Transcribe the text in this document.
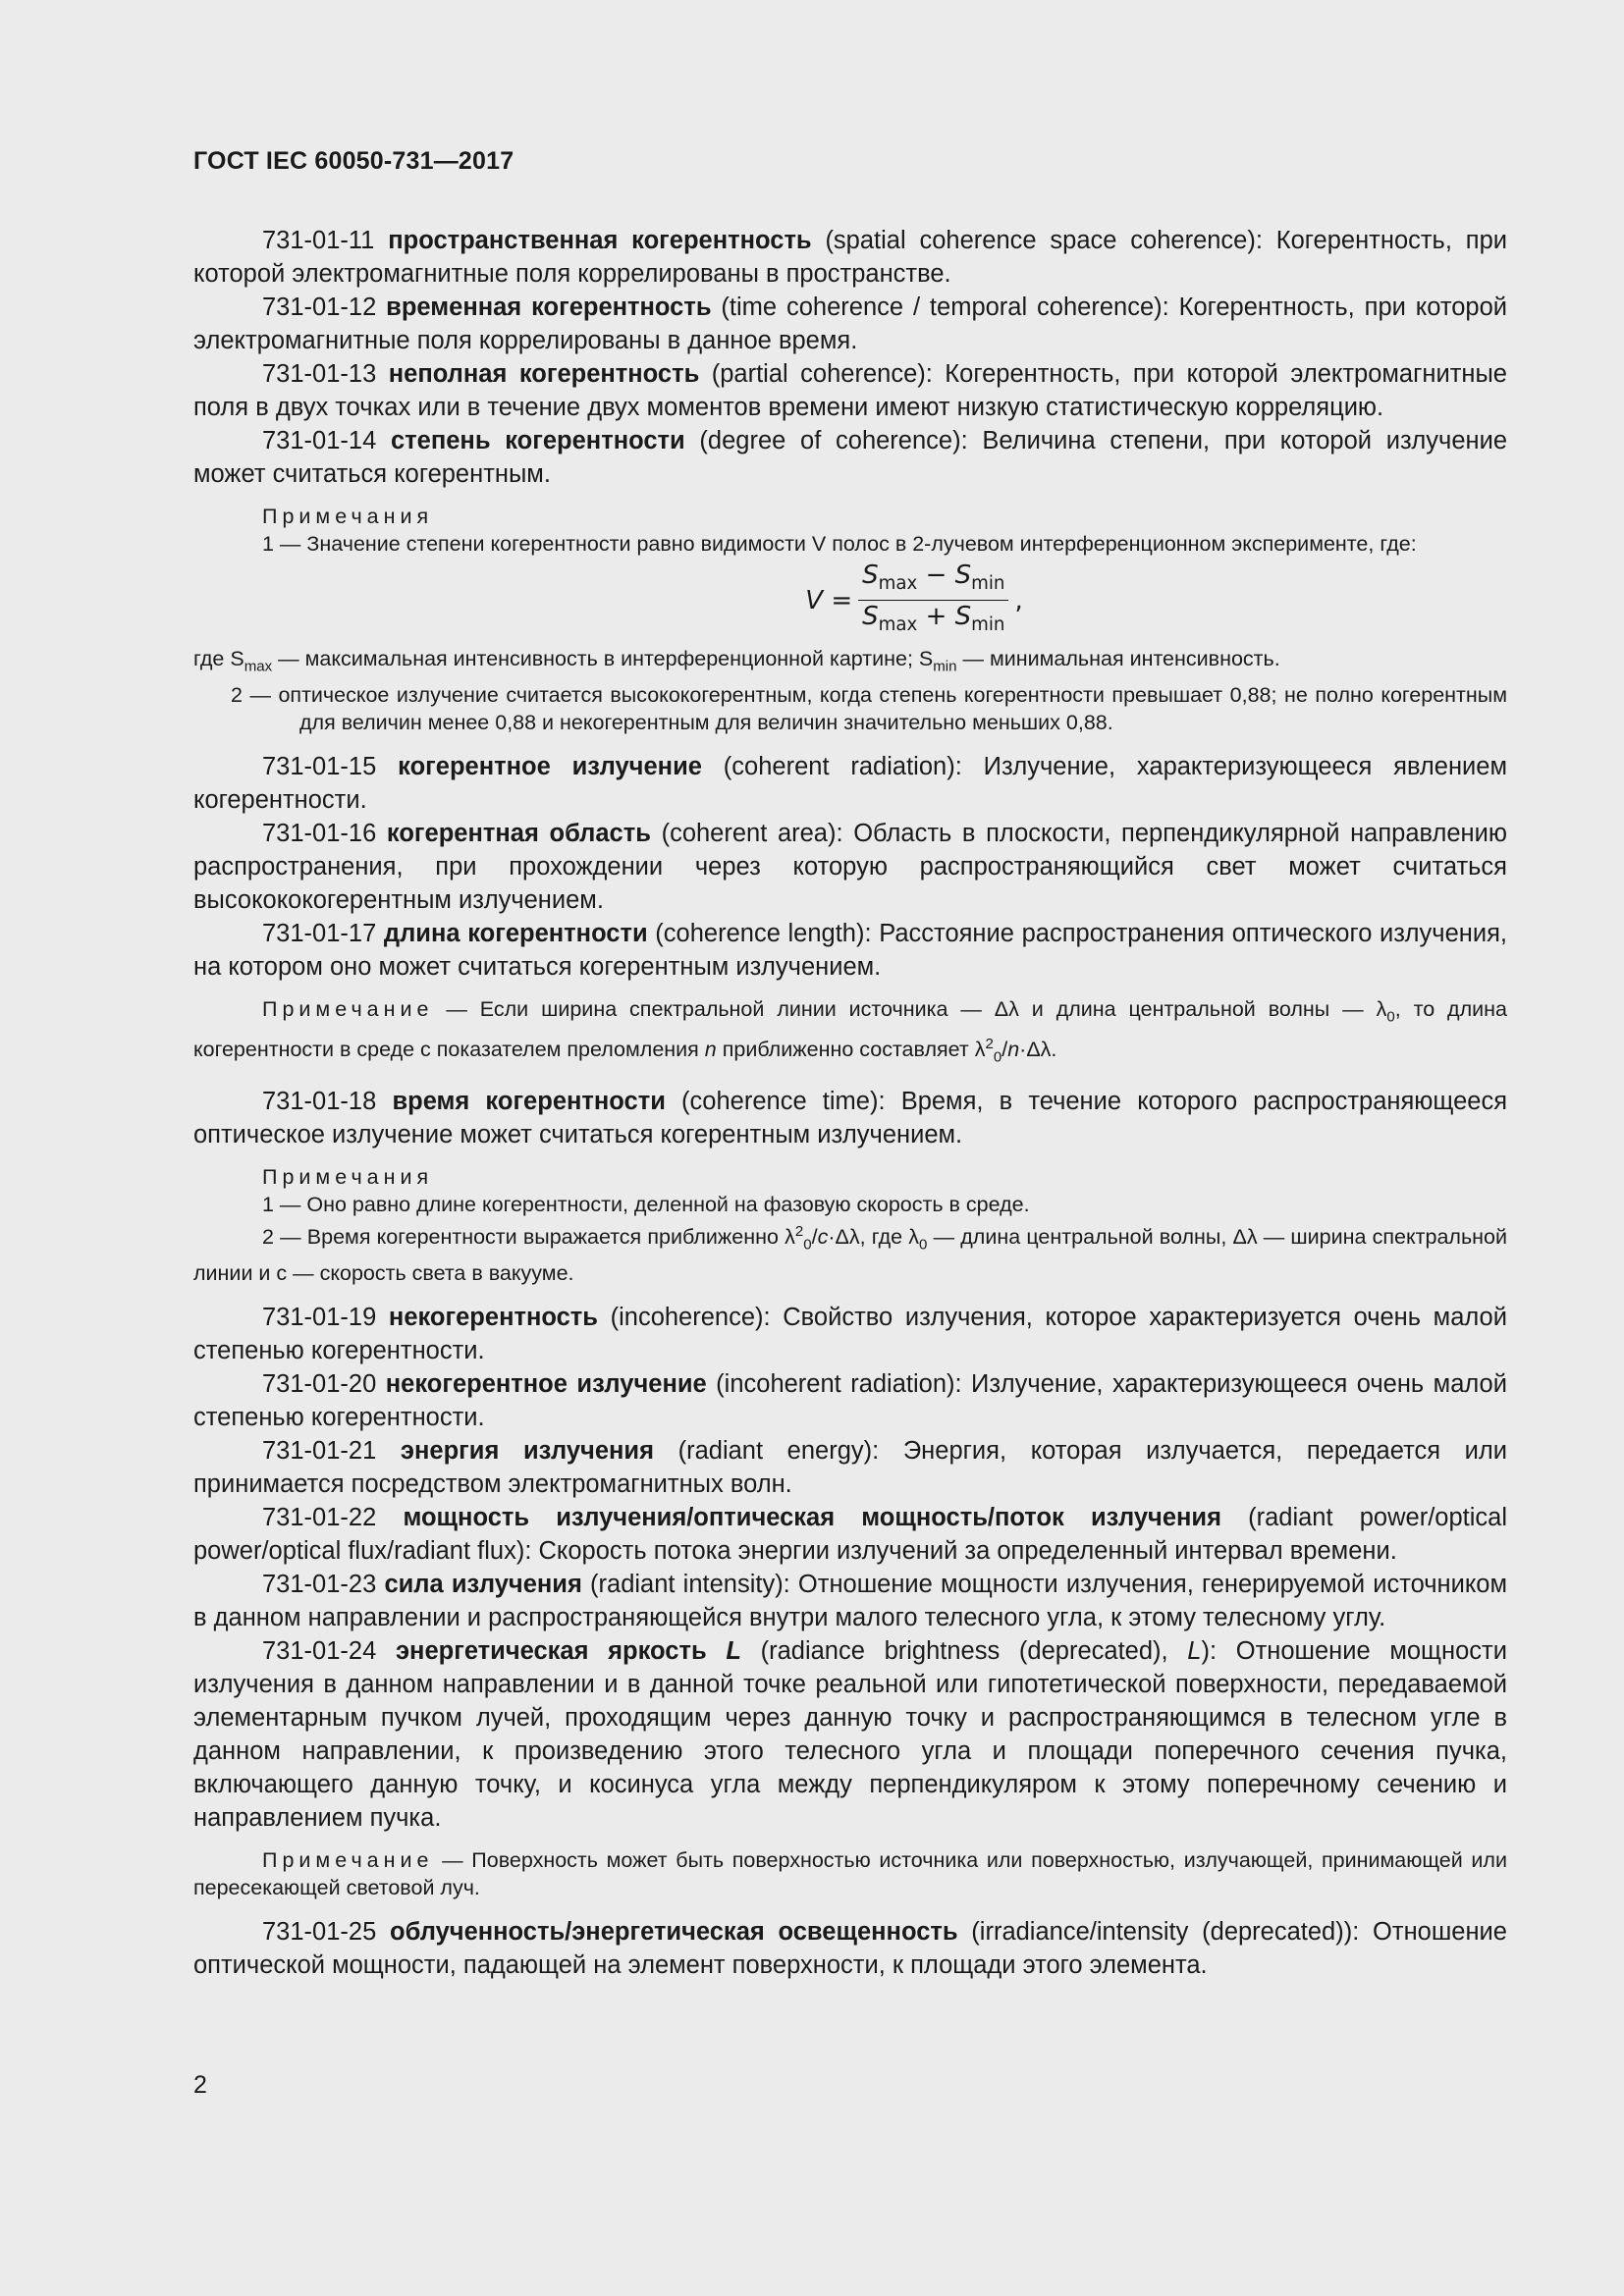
ГОСТ IEC 60050-731—2017

731-01-11 пространственная когерентность (spatial coherence space coherence): Когерентность, при которой электромагнитные поля коррелированы в пространстве.

731-01-12 временная когерентность (time coherence / temporal coherence): Когерентность, при которой электромагнитные поля коррелированы в данное время.

731-01-13 неполная когерентность (partial coherence): Когерентность, при которой электромагнитные поля в двух точках или в течение двух моментов времени имеют низкую статистическую корреляцию.

731-01-14 степень когерентности (degree of coherence): Величина степени, при которой излучение может считаться когерентным.

Примечания

1 — Значение степени когерентности равно видимости V полос в 2-лучевом интерференционном эксперименте, где:

V
= $\frac{S_{max} - S_{min}}{S_{max} + S_{min}}$ ,

где $S_{max}$ — максимальная интенсивность в интерференционной картине; $S_{min}$ — минимальная интенсивность.

2 — оптическое излучение считается высококогерентным, когда степень когерентности превышает 0,88; не полно когерентным для величин менее 0,88 и некогерентным для величин значительно меньших 0,88.

731-01-15 когерентное излучение (coherent radiation): Излучение, характеризующееся явлением когерентности.

731-01-16 когерентная область (coherent area): Область в плоскости, перпендикулярной направлению распространения, при прохождении через которую распространяющийся свет может считаться высокококогерентным излучением.

731-01-17 длина когерентности (coherence length): Расстояние распространения оптического излучения, на котором оно может считаться когерентным излучением.

Примечание — Если ширина спектральной линии источника — Δλ и длина центральной волны — $\lambda_0$, то длина когерентности в среде с показателем преломления n приближенно составляет $\lambda^2_0/n\cdot\Delta\lambda$.

731-01-18 время когерентности (coherence time): Время, в течение которого распространяющееся оптическое излучение может считаться когерентным излучением.

Примечания

1 — Оно равно длине когерентности, деленной на фазовую скорость в среде.

2 — Время когерентности выражается приближенно $\lambda^2_0/c\cdot\Delta\lambda$, где $\lambda_0$ — длина центральной волны, Δλ — ширина спектральной линии и с — скорость света в вакууме.

731-01-19 некогерентность (incoherence): Свойство излучения, которое характеризуется очень малой степенью когерентности.

731-01-20 некогерентное излучение (incoherent radiation): Излучение, характеризующееся очень малой степенью когерентности.

731-01-21 энергия излучения (radiant energy): Энергия, которая излучается, передается или принимается посредством электромагнитных волн.

731-01-22 мощность излучения/оптическая мощность/поток излучения (radiant power/optical power/optical flux/radiant flux): Скорость потока энергии излучений за определенный интервал времени.

731-01-23 сила излучения (radiant intensity): Отношение мощности излучения, генерируемой источником в данном направлении и распространяющейся внутри малого телесного угла, к этому телесному углу.

731-01-24 энергетическая яркость L (radiance brightness (deprecated), L): Отношение мощности излучения в данном направлении и в данной точке реальной или гипотетической поверхности, передаваемой элементарным пучком лучей, проходящим через данную точку и распространяющимся в телесном угле в данном направлении, к произведению этого телесного угла и площади поперечного сечения пучка, включающего данную точку, и косинуса угла между перпендикуляром к этому поперечному сечению и направлением пучка.

Примечание — Поверхность может быть поверхностью источника или поверхностью, излучающей, принимающей или пересекающей световой луч.

731-01-25 облученность/энергетическая освещенность (irradiance/intensity (deprecated)): Отношение оптической мощности, падающей на элемент поверхности, к площади этого элемента.

2
